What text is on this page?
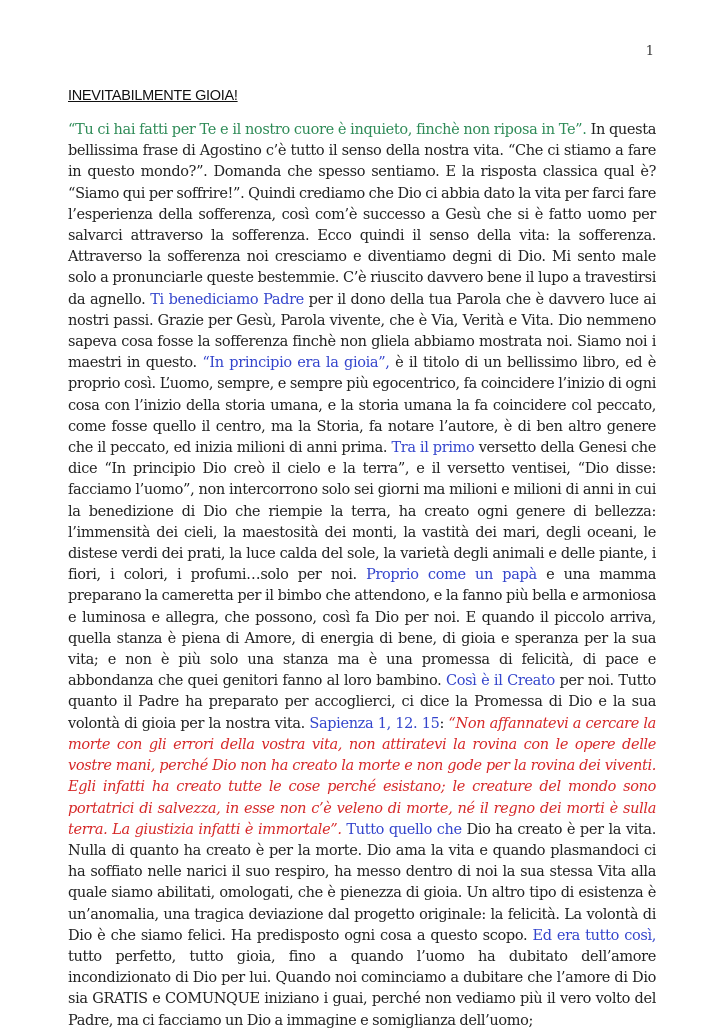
1
INEVITABILMENTE GIOIA!

“Tu ci hai fatti per Te e il nostro cuore è inquieto, finchè non riposa in Te”. In questa bellissima frase di Agostino c’è tutto il senso della nostra vita. “Che ci stiamo a fare in questo mondo?”. Domanda che spesso sentiamo. E la risposta classica qual è? “Siamo qui per soffrire!”. Quindi crediamo che Dio ci abbia dato la vita per farci fare l’esperienza della sofferenza, così com’è successo a Gesù che si è fatto uomo per salvarci attraverso la sofferenza. Ecco quindi il senso della vita: la sofferenza. Attraverso la sofferenza noi cresciamo e diventiamo degni di Dio. Mi sento male solo a pronunciarle queste bestemmie. C’è riuscito davvero bene il lupo a travestirsi da agnello. Ti benediciamo Padre per il dono della tua Parola che è davvero luce ai nostri passi. Grazie per Gesù, Parola vivente, che è Via, Verità e Vita. Dio nemmeno sapeva cosa fosse la sofferenza finchè non gliela abbiamo mostrata noi. Siamo noi i maestri in questo. “In principio era la gioia”, è il titolo di un bellissimo libro, ed è proprio così. L’uomo, sempre, e sempre più egocentrico, fa coincidere l’inizio di ogni cosa con l’inizio della storia umana, e la storia umana la fa coincidere col peccato, come fosse quello il centro, ma la Storia, fa notare l’autore, è di ben altro genere che il peccato, ed inizia milioni di anni prima. Tra il primo versetto della Genesi che dice “In principio Dio creò il cielo e la terra”, e il versetto ventisei, “Dio disse: facciamo l’uomo”, non intercorrono solo sei giorni ma milioni e milioni di anni in cui la benedizione di Dio che riempie la terra, ha creato ogni genere di bellezza: l’immensità dei cieli, la maestosità dei monti, la vastità dei mari, degli oceani, le distese verdi dei prati, la luce calda del sole, la varietà degli animali e delle piante, i fiori, i colori, i profumi…solo per noi. Proprio come un papà e una mamma preparano la cameretta per il bimbo che attendono, e la fanno più bella e armoniosa e luminosa e allegra, che possono, così fa Dio per noi. E quando il piccolo arriva, quella stanza è piena di Amore, di energia di bene, di gioia e speranza per la sua vita; e non è più solo una stanza ma è una promessa di felicità, di pace e abbondanza che quei genitori fanno al loro bambino. Così è il Creato per noi. Tutto quanto il Padre ha preparato per accoglierci, ci dice la Promessa di Dio e la sua volontà di gioia per la nostra vita. Sapienza 1, 12. 15: “Non affannatevi a cercare la morte con gli errori della vostra vita, non attiratevi la rovina con le opere delle vostre mani, perché Dio non ha creato la morte e non gode per la rovina dei viventi. Egli infatti ha creato tutte le cose perché esistano; le creature del mondo sono portatrici di salvezza, in esse non c’è veleno di morte, né il regno dei morti è sulla terra. La giustizia infatti è immortale”. Tutto quello che Dio ha creato è per la vita. Nulla di quanto ha creato è per la morte. Dio ama la vita e quando plasmandoci ci ha soffiato nelle narici il suo respiro, ha messo dentro di noi la sua stessa Vita alla quale siamo abilitati, omologati, che è pienezza di gioia. Un altro tipo di esistenza è un’anomalia, una tragica deviazione dal progetto originale: la felicità. La volontà di Dio è che siamo felici. Ha predisposto ogni cosa a questo scopo. Ed era tutto così, tutto perfetto, tutto gioia, fino a quando l’uomo ha dubitato dell’amore incondizionato di Dio per lui. Quando noi cominciamo a dubitare che l’amore di Dio sia GRATIS e COMUNQUE iniziano i guai, perché non vediamo più il vero volto del Padre, ma ci facciamo un Dio a immagine e somiglianza dell’uomo;
